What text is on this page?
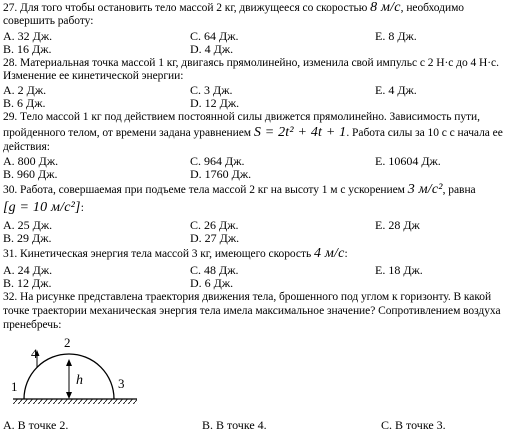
27. Для того чтобы остановить тело массой 2 кг, движущееся со скоростью 8 м/с, необходимо
совершить работу:
А. 32 Дж.	С. 64 Дж.	Е. 8 Дж.
В. 16 Дж.	D. 4 Дж.
28. Материальная точка массой 1 кг, двигаясь прямолинейно, изменила свой импульс с 2 Н·с до 4 Н·с.
Изменение ее кинетической энергии:
А. 2 Дж.	С. 3 Дж.	Е. 4 Дж.
В. 6 Дж.	D. 12 Дж.
29. Тело массой 1 кг под действием постоянной силы движется прямолинейно. Зависимость пути,
пройденного телом, от времени задана уравнением S = 2t² + 4t + 1. Работа силы за 10 с с начала ее
действия:
А. 800 Дж.	С. 964 Дж.	Е. 10604 Дж.
В. 960 Дж.	D. 1760 Дж.
30. Работа, совершаемая при подъеме тела массой 2 кг на высоту 1 м с ускорением 3 м/с², равна
[g = 10 м/с²]:
А. 25 Дж.	С. 26 Дж.	Е. 28 Дж
В. 29 Дж.	D. 27 Дж.
31. Кинетическая энергия тела массой 3 кг, имеющего скорость 4 м/с:
А. 24 Дж.	С. 48 Дж.	Е. 18 Дж.
В. 12 Дж.	D. 6 Дж.
32. На рисунке представлена траектория движения тела, брошенного под углом к горизонту. В какой
точке траектории механическая энергия тела имела максимальное значение? Сопротивлением воздуха
пренебречь:
4
2
1	3
h
А. В точке 2.	В. В точке 4.	С. В точке 3.
